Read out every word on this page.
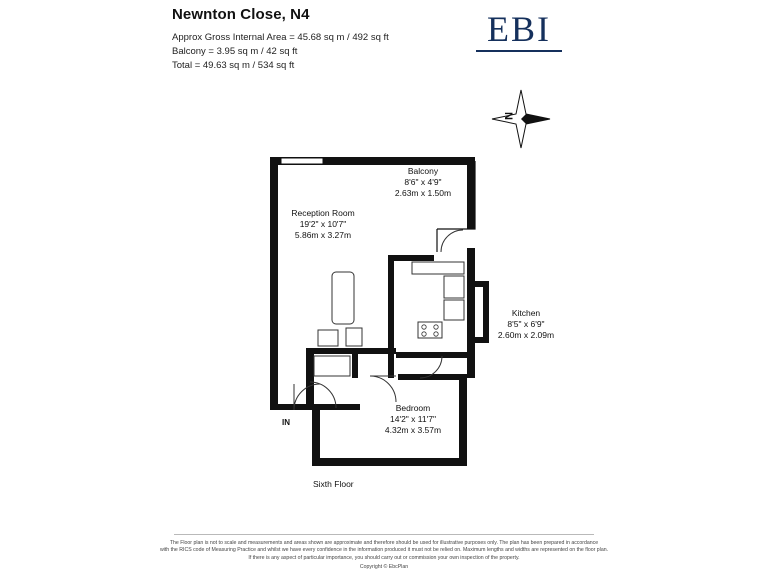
Newnton Close, N4
Approx Gross Internal Area = 45.68 sq m / 492 sq ft
Balcony = 3.95 sq m / 42 sq ft
Total = 49.63 sq m / 534 sq ft
EBI
N
Reception Room
19'2" x 10'7"
5.86m x 3.27m
Balcony
8'6" x 4'9"
2.63m x 1.50m
Kitchen
8'5" x 6'9"
2.60m x 2.09m
Bedroom
14'2" x 11'7"
4.32m x 3.57m
IN
Sixth Floor
The Floor plan is not to scale and measurements and areas shown are approximate and therefore should be used for illustrative purposes only. The plan has been prepared in accordance
with the RICS code of Measuring Practice and whilst we have every confidence in the information produced it must not be relied on. Maximum lengths and widths are represented on the floor plan.
If there is any aspect of particular importance, you should carry out or commission your own inspection of the property.
Copyright © EbcPlan
